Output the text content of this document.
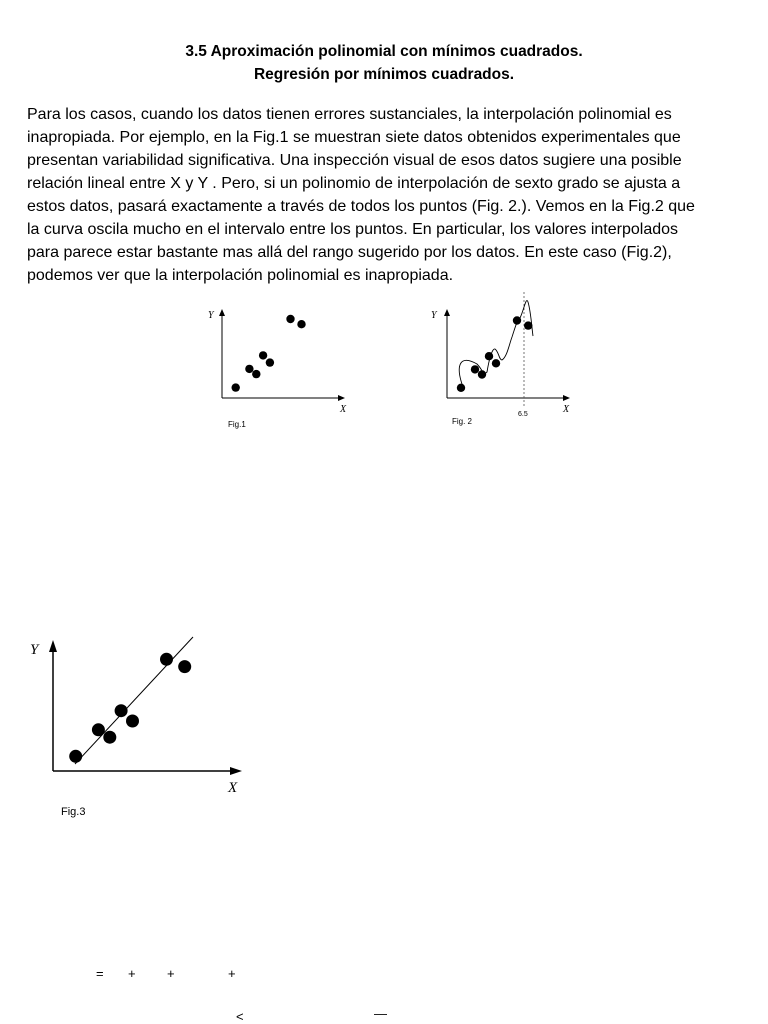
3.5 Aproximación polinomial con mínimos cuadrados.
Regresión por mínimos cuadrados.
Para los casos, cuando los datos tienen errores sustanciales, la interpolación polinomial es
inapropiada. Por ejemplo, en la Fig.1 se muestran siete datos obtenidos experimentales que
presentan variabilidad significativa. Una inspección visual de esos datos sugiere una posible
relación lineal entre X y Y . Pero, si un polinomio de interpolación de sexto grado se ajusta a
estos datos, pasará exactamente a través de todos los puntos (Fig. 2.). Vemos en la Fig.2 que
la curva oscila mucho en el intervalo entre los puntos. En particular, los valores interpolados
para parece estar bastante mas allá del rango sugerido por los datos. En este caso (Fig.2),
podemos ver que la interpolación polinomial es inapropiada.
Y
X
Fig.1
Y
X
6.5
Fig. 2
Y
X
Fig.3
= + +	+
<	—
